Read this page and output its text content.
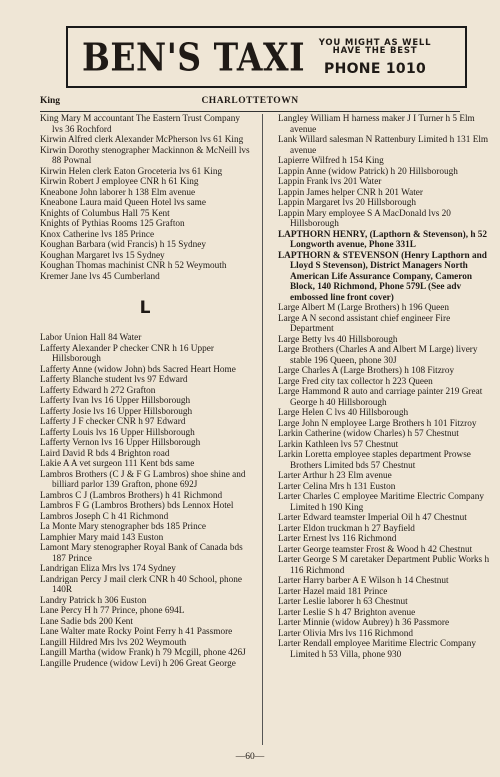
BEN'S TAXI	YOU MIGHT AS WELL HAVE THE BEST
PHONE 1010
King	CHARLOTTETOWN
King Mary M accountant The Eastern Trust Company lvs 36 Rochford
Kirwin Alfred clerk Alexander McPherson lvs 61 King
Kirwin Dorothy stenographer Mackinnon & McNeill lvs 88 Pownal
Kirwin Helen clerk Eaton Groceteria lvs 61 King
Kirwin Robert J employee CNR h 61 King
Kneabone John laborer h 138 Elm avenue
Kneabone Laura maid Queen Hotel lvs same
Knights of Columbus Hall 75 Kent
Knights of Pythias Rooms 125 Grafton
Knox Catherine lvs 185 Prince
Koughan Barbara (wid Francis) h 15 Sydney
Koughan Margaret lvs 15 Sydney
Koughan Thomas machinist CNR h 52 Weymouth
Kremer Jane lvs 45 Cumberland
L
Labor Union Hall 84 Water
Lafferty Alexander P checker CNR h 16 Upper Hillsborough
Lafferty Anne (widow John) bds Sacred Heart Home
Lafferty Blanche student lvs 97 Edward
Lafferty Edward h 272 Grafton
Lafferty Ivan lvs 16 Upper Hillsborough
Lafferty Josie lvs 16 Upper Hillsborough
Lafferty J F checker CNR h 97 Edward
Lafferty Louis lvs 16 Upper Hillsborough
Lafferty Vernon lvs 16 Upper Hillsborough
Laird David R bds 4 Brighton road
Lakie A A vet surgeon 111 Kent bds same
Lambros Brothers (C J & F G Lambros) shoe shine and billiard parlor 139 Grafton, phone 692J
Lambros C J (Lambros Brothers) h 41 Richmond
Lambros F G (Lambros Brothers) bds Lennox Hotel
Lambros Joseph C h 41 Richmond
La Monte Mary stenographer bds 185 Prince
Lamphier Mary maid 143 Euston
Lamont Mary stenographer Royal Bank of Canada bds 187 Prince
Landrigan Eliza Mrs lvs 174 Sydney
Landrigan Percy J mail clerk CNR h 40 School, phone 140R
Landry Patrick h 306 Euston
Lane Percy H h 77 Prince, phone 694L
Lane Sadie bds 200 Kent
Lane Walter mate Rocky Point Ferry h 41 Passmore
Langill Hildred Mrs lvs 202 Weymouth
Langill Martha (widow Frank) h 79 Mcgill, phone 426J
Langille Prudence (widow Levi) h 206 Great George
Langley William H harness maker J I Turner h 5 Elm avenue
Lank Willard salesman N Rattenbury Limited h 131 Elm avenue
Lapierre Wilfred h 154 King
Lappin Anne (widow Patrick) h 20 Hillsborough
Lappin Frank lvs 201 Water
Lappin James helper CNR h 201 Water
Lappin Margaret lvs 20 Hillsborough
Lappin Mary employee S A MacDonald lvs 20 Hillsborough
LAPTHORN HENRY, (Lapthorn & Stevenson), h 52 Longworth avenue, Phone 331L
LAPTHORN & STEVENSON (Henry Lapthorn and Lloyd S Stevenson), District Managers North American Life Assurance Company, Cameron Block, 140 Richmond, Phone 579L (See adv embossed line front cover)
Large Albert M (Large Brothers) h 196 Queen
Large A N second assistant chief engineer Fire Department
Large Betty lvs 40 Hillsborough
Large Brothers (Charles A and Albert M Large) livery stable 196 Queen, phone 30J
Large Charles A (Large Brothers) h 108 Fitzroy
Large Fred city tax collector h 223 Queen
Large Hammond R auto and carriage painter 219 Great George h 40 Hillsborough
Large Helen C lvs 40 Hillsborough
Large John N employee Large Brothers h 101 Fitzroy
Larkin Catherine (widow Charles) h 57 Chestnut
Larkin Kathleen lvs 57 Chestnut
Larkin Loretta employee staples department Prowse Brothers Limited bds 57 Chestnut
Larter Arthur h 23 Elm avenue
Larter Celina Mrs h 131 Euston
Larter Charles C employee Maritime Electric Company Limited h 190 King
Larter Edward teamster Imperial Oil h 47 Chestnut
Larter Eldon truckman h 27 Bayfield
Larter Ernest lvs 116 Richmond
Larter George teamster Frost & Wood h 42 Chestnut
Larter George S M caretaker Department Public Works h 116 Richmond
Larter Harry barber A E Wilson h 14 Chestnut
Larter Hazel maid 181 Prince
Larter Leslie laborer h 63 Chestnut
Larter Leslie S h 47 Brighton avenue
Larter Minnie (widow Aubrey) h 36 Passmore
Larter Olivia Mrs lvs 116 Richmond
Larter Rendall employee Maritime Electric Company Limited h 53 Villa, phone 930
—60—
